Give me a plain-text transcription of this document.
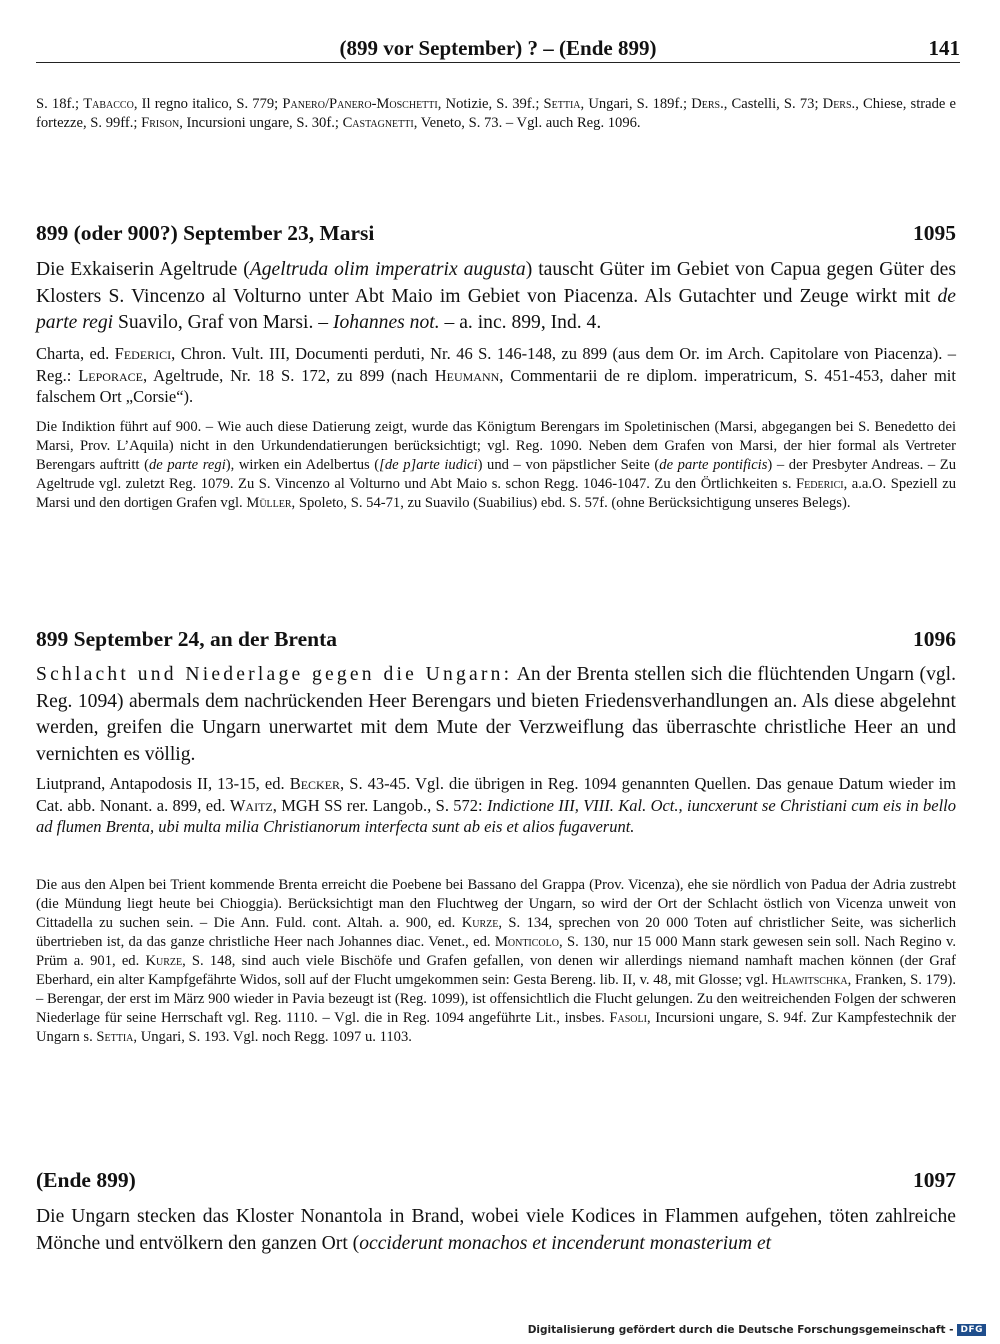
(899 vor September) ? – (Ende 899)	141
S. 18f.; Tabacco, Il regno italico, S. 779; Panero/Panero-Moschetti, Notizie, S. 39f.; Settia, Ungari, S. 189f.; Ders., Castelli, S. 73; Ders., Chiese, strade e fortezze, S. 99ff.; Frison, Incursioni ungare, S. 30f.; Castagnetti, Veneto, S. 73. – Vgl. auch Reg. 1096.
899 (oder 900?) September 23, Marsi	1095
Die Exkaiserin Ageltrude (Ageltruda olim imperatrix augusta) tauscht Güter im Gebiet von Capua gegen Güter des Klosters S. Vincenzo al Volturno unter Abt Maio im Gebiet von Piacenza. Als Gutachter und Zeuge wirkt mit de parte regi Suavilo, Graf von Marsi. – Iohannes not. – a. inc. 899, Ind. 4.
Charta, ed. Federici, Chron. Vult. III, Documenti perduti, Nr. 46 S. 146-148, zu 899 (aus dem Or. im Arch. Capitolare von Piacenza). – Reg.: Leporace, Ageltrude, Nr. 18 S. 172, zu 899 (nach Heumann, Commentarii de re diplom. imperatricum, S. 451-453, daher mit falschem Ort „Corsie“).
Die Indiktion führt auf 900. – Wie auch diese Datierung zeigt, wurde das Königtum Berengars im Spoletinischen (Marsi, abgegangen bei S. Benedetto dei Marsi, Prov. L’Aquila) nicht in den Urkundendatierungen berücksichtigt; vgl. Reg. 1090. Neben dem Grafen von Marsi, der hier formal als Vertreter Berengars auftritt (de parte regi), wirken ein Adelbertus ([de p]arte iudici) und – von päpstlicher Seite (de parte pontificis) – der Presbyter Andreas. – Zu Ageltrude vgl. zuletzt Reg. 1079. Zu S. Vincenzo al Volturno und Abt Maio s. schon Regg. 1046-1047. Zu den Örtlichkeiten s. Federici, a.a.O. Speziell zu Marsi und den dortigen Grafen vgl. Müller, Spoleto, S. 54-71, zu Suavilo (Suabilius) ebd. S. 57f. (ohne Berücksichtigung unseres Belegs).
899 September 24, an der Brenta	1096
Schlacht und Niederlage gegen die Ungarn: An der Brenta stellen sich die flüchtenden Ungarn (vgl. Reg. 1094) abermals dem nachrückenden Heer Berengars und bieten Friedensverhandlungen an. Als diese abgelehnt werden, greifen die Ungarn unerwartet mit dem Mute der Verzweiflung das überraschte christliche Heer an und vernichten es völlig.
Liutprand, Antapodosis II, 13-15, ed. Becker, S. 43-45. Vgl. die übrigen in Reg. 1094 genannten Quellen. Das genaue Datum wieder im Cat. abb. Nonant. a. 899, ed. Waitz, MGH SS rer. Langob., S. 572: Indictione III, VIII. Kal. Oct., iuncxerunt se Christiani cum eis in bello ad flumen Brenta, ubi multa milia Christianorum interfecta sunt ab eis et alios fugaverunt.
Die aus den Alpen bei Trient kommende Brenta erreicht die Poebene bei Bassano del Grappa (Prov. Vicenza), ehe sie nördlich von Padua der Adria zustrebt (die Mündung liegt heute bei Chioggia). Berücksichtigt man den Fluchtweg der Ungarn, so wird der Ort der Schlacht östlich von Vicenza unweit von Cittadella zu suchen sein. – Die Ann. Fuld. cont. Altah. a. 900, ed. Kurze, S. 134, sprechen von 20 000 Toten auf christlicher Seite, was sicherlich übertrieben ist, da das ganze christliche Heer nach Johannes diac. Venet., ed. Monticolo, S. 130, nur 15 000 Mann stark gewesen sein soll. Nach Regino v. Prüm a. 901, ed. Kurze, S. 148, sind auch viele Bischöfe und Grafen gefallen, von denen wir allerdings niemand namhaft machen können (der Graf Eberhard, ein alter Kampfgefährte Widos, soll auf der Flucht umgekommen sein: Gesta Bereng. lib. II, v. 48, mit Glosse; vgl. Hlawitschka, Franken, S. 179). – Berengar, der erst im März 900 wieder in Pavia bezeugt ist (Reg. 1099), ist offensichtlich die Flucht gelungen. Zu den weitreichenden Folgen der schweren Niederlage für seine Herrschaft vgl. Reg. 1110. – Vgl. die in Reg. 1094 angeführte Lit., insbes. Fasoli, Incursioni ungare, S. 94f. Zur Kampfestechnik der Ungarn s. Settia, Ungari, S. 193. Vgl. noch Regg. 1097 u. 1103.
(Ende 899)	1097
Die Ungarn stecken das Kloster Nonantola in Brand, wobei viele Kodices in Flammen aufgehen, töten zahlreiche Mönche und entvölkern den ganzen Ort (occiderunt monachos et incenderunt monasterium et
Digitalisierung gefördert durch die Deutsche Forschungsgemeinschaft - DFG
